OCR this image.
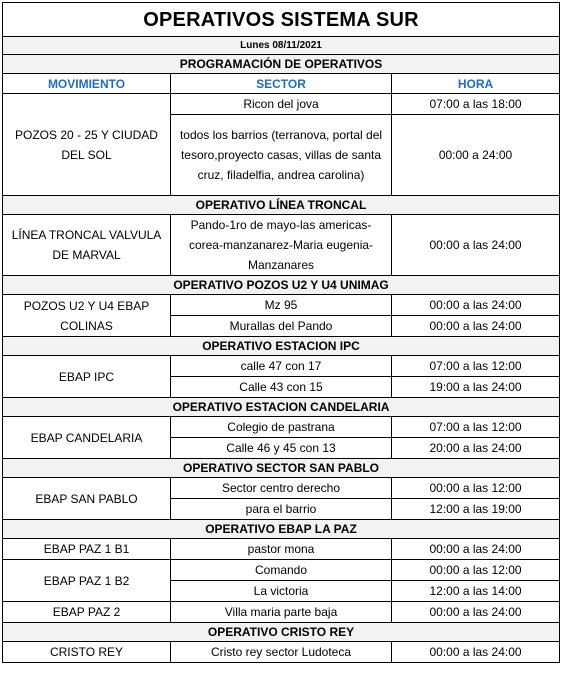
OPERATIVOS SISTEMA SUR		
Lunes 08/11/2021		
PROGRAMACIÓN DE OPERATIVOS		
MOVIMIENTO	SECTOR	HORA
POZOS 20 - 25 Y CIUDAD DEL SOL	Ricon del jova	07:00 a las 18:00
	todos los barrios (terranova, portal del tesoro,proyecto casas, villas de santa cruz, filadelfia, andrea carolina)	00:00 a 24:00
OPERATIVO LÍNEA TRONCAL		
LÍNEA TRONCAL VALVULA DE MARVAL	Pando-1ro de mayo-las americas-corea-manzanarez-Maria eugenia-Manzanares	00:00 a las 24:00
OPERATIVO POZOS U2 Y U4 UNIMAG		
POZOS U2 Y U4 EBAP COLINAS	Mz 95	00:00 a las 24:00
	Murallas del Pando	00:00 a las 24:00
OPERATIVO ESTACION IPC		
EBAP IPC	calle 47 con 17	07:00 a las 12:00
	Calle 43 con 15	19:00 a las 24:00
OPERATIVO ESTACION CANDELARIA		
EBAP CANDELARIA	Colegio de pastrana	07:00 a las 12:00
	Calle 46 y 45 con 13	20:00 a las 24:00
OPERATIVO SECTOR SAN PABLO		
EBAP SAN PABLO	Sector centro derecho	00:00 a las 12:00
	para el barrio	12:00 a las 19:00
OPERATIVO EBAP LA PAZ		
EBAP PAZ 1 B1	pastor mona	00:00 a las 24:00
EBAP PAZ 1 B2	Comando	00:00 a las 12:00
	La victoria	12:00 a las 14:00
EBAP PAZ 2	Villa maria parte baja	00:00 a las 24:00
OPERATIVO CRISTO REY		
CRISTO REY	Cristo rey sector Ludoteca	00:00 a las 24:00
